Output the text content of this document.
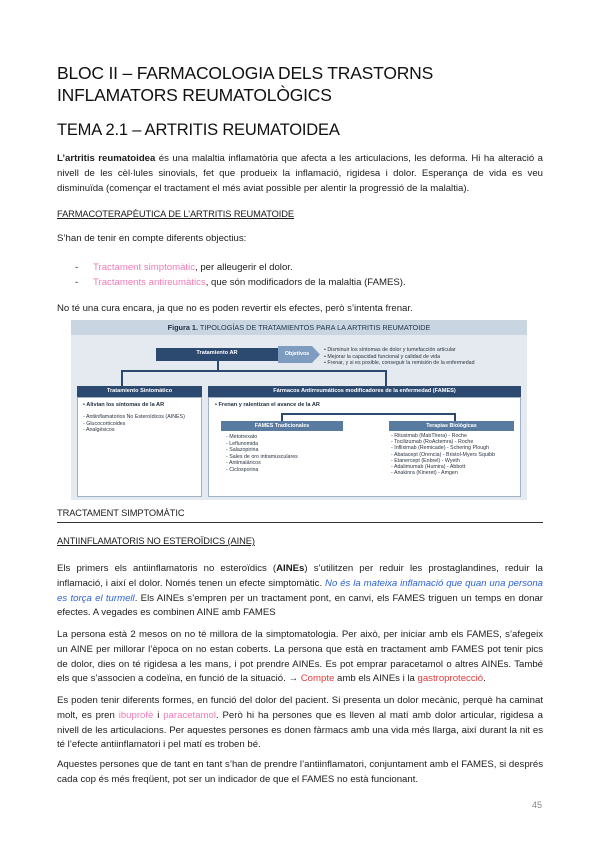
BLOC II – FARMACOLOGIA DELS TRASTORNS INFLAMATORS REUMATOLÒGICS
TEMA 2.1 – ARTRITIS REUMATOIDEA
L’artritis reumatoidea és una malaltia inflamatòria que afecta a les articulacions, les deforma. Hi ha alteració a nivell de les cèl·lules sinovials, fet que produeix la inflamació, rigidesa i dolor. Esperança de vida es veu disminuïda (començar el tractament el més aviat possible per alentir la progressió de la malaltia).
FARMACOTERAPÈUTICA DE L’ARTRITIS REUMATOIDE
S’han de tenir en compte diferents objectius:
- Tractament simptomàtic, per alleugerir el dolor.
- Tractaments antireumàtics, que són modificadors de la malaltia (FAMES).
No té una cura encara, ja que no es poden revertir els efectes, però s’intenta frenar.
Figura 1. TIPOLOGÍAS DE TRATAMIENTOS PARA LA ARTRITIS REUMATOIDE
Tratamiento AR	Objetivos
• Disminuir los síntomas de dolor y tumefacción articular
• Mejorar la capacidad funcional y calidad de vida
• Frenar, y si es posible, conseguir la remisión de la enfermedad
Tratamiento Sintomático
• Alivian los síntomas de la AR
- Antiinflamatorios No Esteroídicos (AINES)
- Glucocorticoides
- Analgésicos
Fármacos Antirreumáticos modificadores de la enfermedad (FAMES)
• Frenan y ralentizan el avance de la AR
FAMES Tradicionales
- Metotrexato
- Leflunomida
- Salazopirina
- Sales de oro intramusculares
- Antimaláricos
- Ciclosporina
Terapias Biológicas
- Rituximab (MabThera) - Roche
- Tocilizumab (RoActemra) - Roche
- Infliximab (Remicade) - Schering Plough
- Abatacept (Orencia) - Bristol-Myers Squibb
- Etanercept (Enbrel) - Wyeth
- Adalimumab (Humira) - Abbott
- Anakinra (Kineret) - Amgen
TRACTAMENT SIMPTOMÀTIC
ANTIINFLAMATORIS NO ESTEROÏDICS (AINE)
Els primers els antiinflamatoris no esteroïdics (AINEs) s’utilitzen per reduir les prostaglandines, reduir la inflamació, i així el dolor. Només tenen un efecte simptomàtic. No és la mateixa inflamació que quan una persona es torça el turmell. Els AINEs s’empren per un tractament pont, en canvi, els FAMES triguen un temps en donar efectes. A vegades es combinen AINE amb FAMES
La persona està 2 mesos on no té millora de la simptomatologia. Per això, per iniciar amb els FAMES, s’afegeix un AINE per millorar l’època on no estan coberts. La persona que està en tractament amb FAMES pot tenir pics de dolor, dies on té rigidesa a les mans, i pot prendre AINEs. Es pot emprar paracetamol o altres AINEs. També els que s’associen a codeïna, en funció de la situació. → Compte amb els AINEs i la gastroprotecció.
Es poden tenir diferents formes, en funció del dolor del pacient. Si presenta un dolor mecànic, perquè ha caminat molt, es pren ibuprofè i paracetamol. Però hi ha persones que es lleven al matí amb dolor articular, rigidesa a nivell de les articulacions. Per aquestes persones es donen fàrmacs amb una vida més llarga, així durant la nit es té l’efecte antiinflamatori i pel matí es troben bé.
Aquestes persones que de tant en tant s’han de prendre l’antiinflamatori, conjuntament amb el FAMES, si després cada cop és més freqüent, pot ser un indicador de que el FAMES no està funcionant.
45
